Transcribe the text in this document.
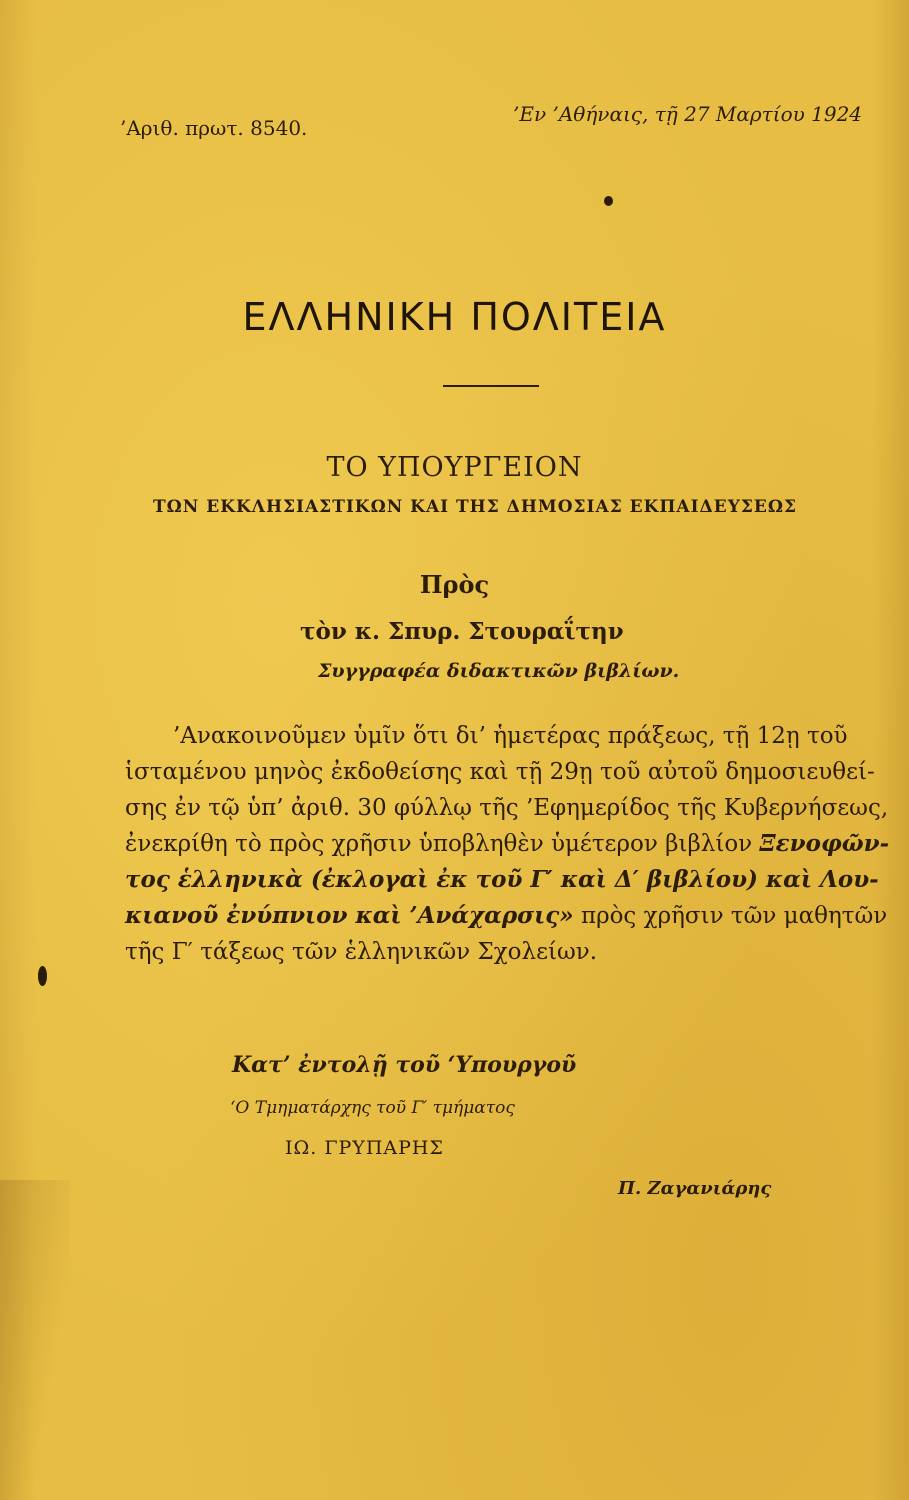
’Αριθ. πρωτ. 8540.
’Εν ’Αθήναις, τῇ 27 Μαρτίου 1924
ΕΛΛΗΝΙΚΗ ΠΟΛΙΤΕΙΑ
ΤΟ ΥΠΟΥΡΓΕΙΟΝ
ΤΩΝ ΕΚΚΛΗΣΙΑΣΤΙΚΩΝ ΚΑΙ ΤΗΣ ΔΗΜΟΣΙΑΣ ΕΚΠΑΙΔΕΥΣΕΩΣ
Πρὸς
τὸν κ. Σπυρ. Στουραΐτην
Συγγραφέα διδακτικῶν βιβλίων.
’Ανακοινοῦμεν ὑμῖν ὅτι δι’ ἡμετέρας πράξεως, τῇ 12ῃ τοῦ
ἱσταμένου μηνὸς ἐκδοθείσης καὶ τῇ 29ῃ τοῦ αὐτοῦ δημοσιευθεί-
σης ἐν τῷ ὑπ’ ἀριθ. 30 φύλλῳ τῆς ’Εφημερίδος τῆς Κυβερνήσεως,
ἐνεκρίθη τὸ πρὸς χρῆσιν ὑποβληθὲν ὑμέτερον βιβλίον Ξενοφῶν-
τος ἑλληνικὰ (ἐκλογαὶ ἐκ τοῦ Γ′ καὶ Δ′ βιβλίου) καὶ Λου-
κιανοῦ ἐνύπνιον καὶ ’Ανάχαρσις» πρὸς χρῆσιν τῶν μαθητῶν
τῆς Γ′ τάξεως τῶν ἑλληνικῶν Σχολείων.
Κατ’ ἐντολῇ τοῦ ‘Υπουργοῦ
‘Ο Τμηματάρχης τοῦ Γ′ τμήματος
ΙΩ. ΓΡΥΠΑΡΗΣ
Π. Ζαγανιάρης
